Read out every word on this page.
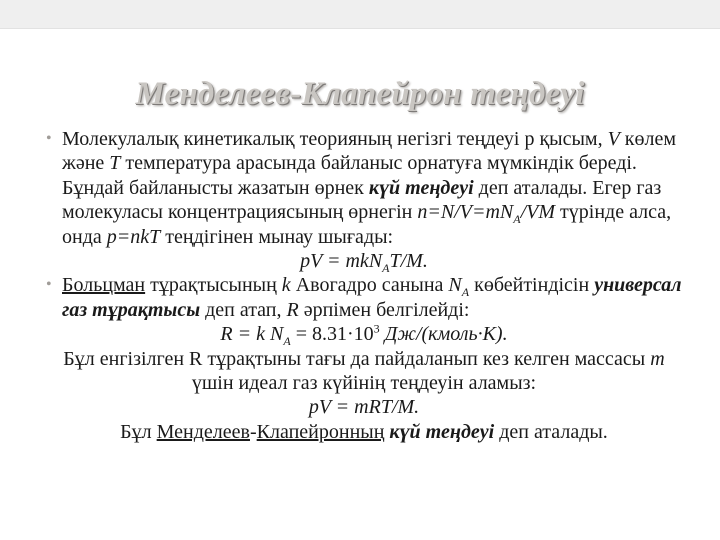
Менделеев-Клапейрон теңдеуі

• Молекулалық кинетикалық теорияның негізгі теңдеуі p қысым, V көлем және T температура арасында байланыс орнатуға мүмкіндік береді. Бұндай байланысты жазатын өрнек күй теңдеуі деп аталады. Егер газ молекуласы концентрациясының өрнегін $n=N/V=mN_A/VM$ түрінде алса, онда p=nkT теңдігінен мынау шығады:

pV = mkN$_A$T/M.

• Больцман тұрақтысының k Авогадро санына $N_A$ көбейтіндісін универсал газ тұрақтысы деп атап, R әрпімен белгілейді:

R = k $N_A = 8.31\cdot 10^3$ Дж/(кмоль·К).
Бұл енгізілген R тұрақтыны тағы да пайдаланып кез келген массасы m үшін идеал газ күйінің теңдеуін аламыз:
pV = mRT/M.
Бұл Менделеев-Клапейронның күй теңдеуі деп аталады.
